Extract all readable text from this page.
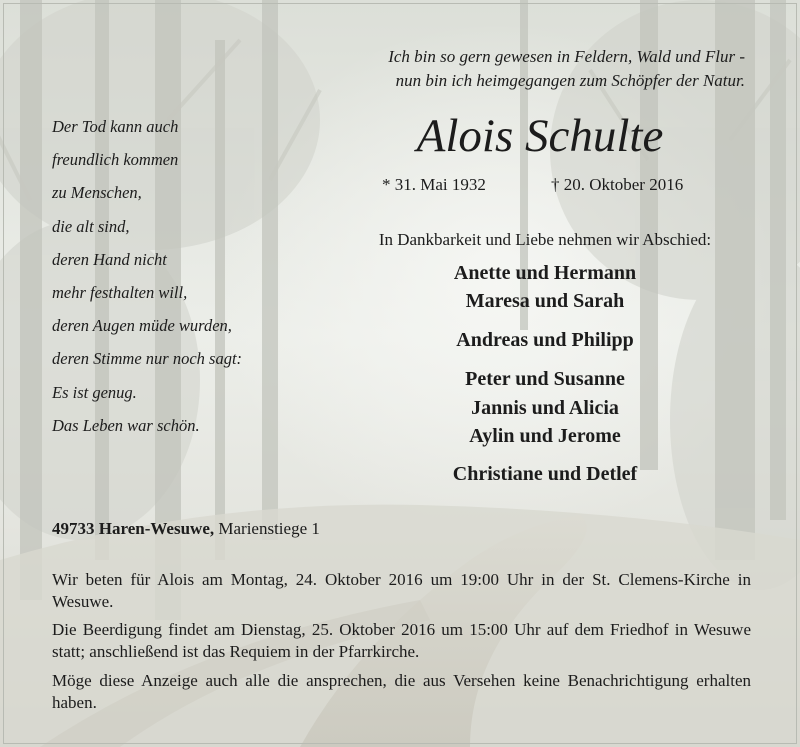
Ich bin so gern gewesen in Feldern, Wald und Flur -
nun bin ich heimgegangen zum Schöpfer der Natur.
Alois Schulte
* 31. Mai 1932	† 20. Oktober 2016
In Dankbarkeit und Liebe nehmen wir Abschied:
Anette und Hermann
Maresa und Sarah
Andreas und Philipp
Peter und Susanne
Jannis und Alicia
Aylin und Jerome
Christiane und Detlef
Der Tod kann auch
freundlich kommen
zu Menschen,
die alt sind,
deren Hand nicht
mehr festhalten will,
deren Augen müde wurden,
deren Stimme nur noch sagt:
Es ist genug.
Das Leben war schön.
49733 Haren-Wesuwe, Marienstiege 1
Wir beten für Alois am Montag, 24. Oktober 2016 um 19:00 Uhr in der St. Clemens-Kirche in Wesuwe.
Die Beerdigung findet am Dienstag, 25. Oktober 2016 um 15:00 Uhr auf dem Friedhof in Wesuwe statt; anschließend ist das Requiem in der Pfarrkirche.
Möge diese Anzeige auch alle die ansprechen, die aus Versehen keine Benachrichtigung erhalten haben.
